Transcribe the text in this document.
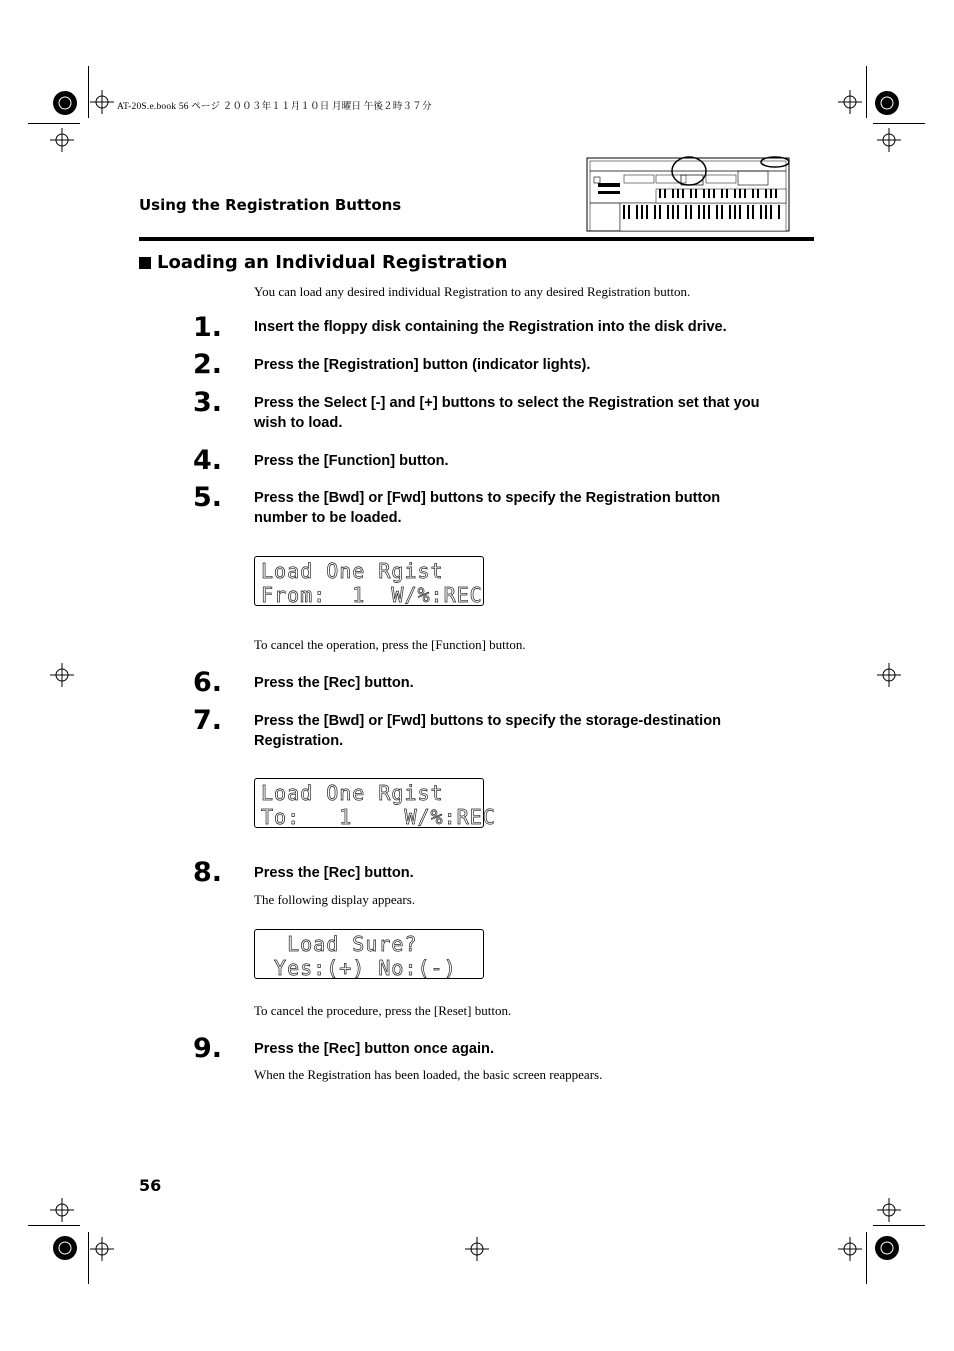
AT-20S.e.book 56 ページ ２００３年１１月１０日 月曜日 午後２時３７分
Using the Registration Buttons
Loading an Individual Registration
You can load any desired individual Registration to any desired Registration button.
1. Insert the floppy disk containing the Registration into the disk drive.
2. Press the [Registration] button (indicator lights).
3. Press the Select [-] and [+] buttons to select the Registration set that you wish to load.
4. Press the [Function] button.
5. Press the [Bwd] or [Fwd] buttons to specify the Registration button number to be loaded.
Load One Rgist
From:  1  W/%:REC
To cancel the operation, press the [Function] button.
6. Press the [Rec] button.
7. Press the [Bwd] or [Fwd] buttons to specify the storage-destination Registration.
Load One Rgist
To:   1    W/%:REC
8. Press the [Rec] button.
The following display appears.
Load Sure?
Yes:(+) No:(-)
To cancel the procedure, press the [Reset] button.
9. Press the [Rec] button once again.
When the Registration has been loaded, the basic screen reappears.
56
